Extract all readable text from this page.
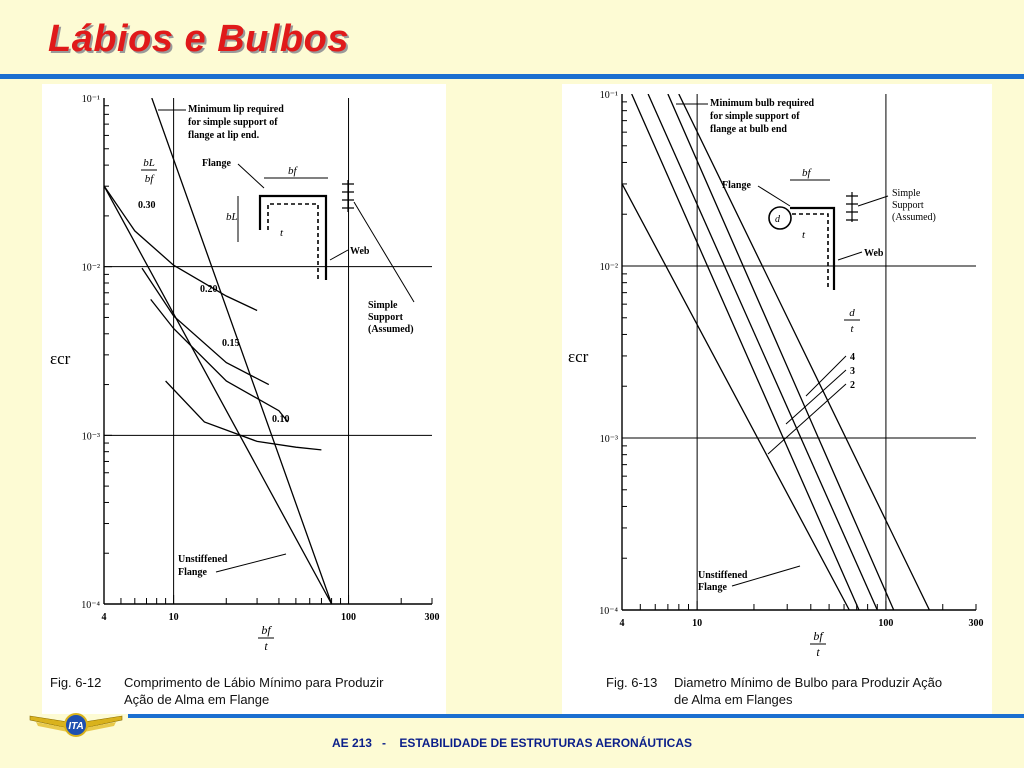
Lábios e Bulbos
10⁻¹
10⁻²
10⁻³
10⁻⁴
4	10	100	300
εcr
bf
t
bL
bf
0.30
0.20
0.15
0.10
Minimum lip required
for simple support of
flange at lip end.
Unstiffened
Flange
Flange
bf
bL
t
Web
Simple
Support
(Assumed)
Fig. 6-12	Comprimento de Lábio Mínimo para Produzir
Ação de Alma em Flange
10⁻¹
10⁻²
10⁻³
10⁻⁴
4	10	100	300
εcr
bf
t
Minimum bulb required
for simple support of
flange at bulb end
d
t
4
3
2
Unstiffened
Flange
Flange
bf
d
t
Simple
Support
(Assumed)
Web
Fig. 6-13	Diametro Mínimo de Bulbo para Produzir Ação
de Alma em Flanges
ITA
AE 213 - ESTABILIDADE DE ESTRUTURAS AERONÁUTICAS
